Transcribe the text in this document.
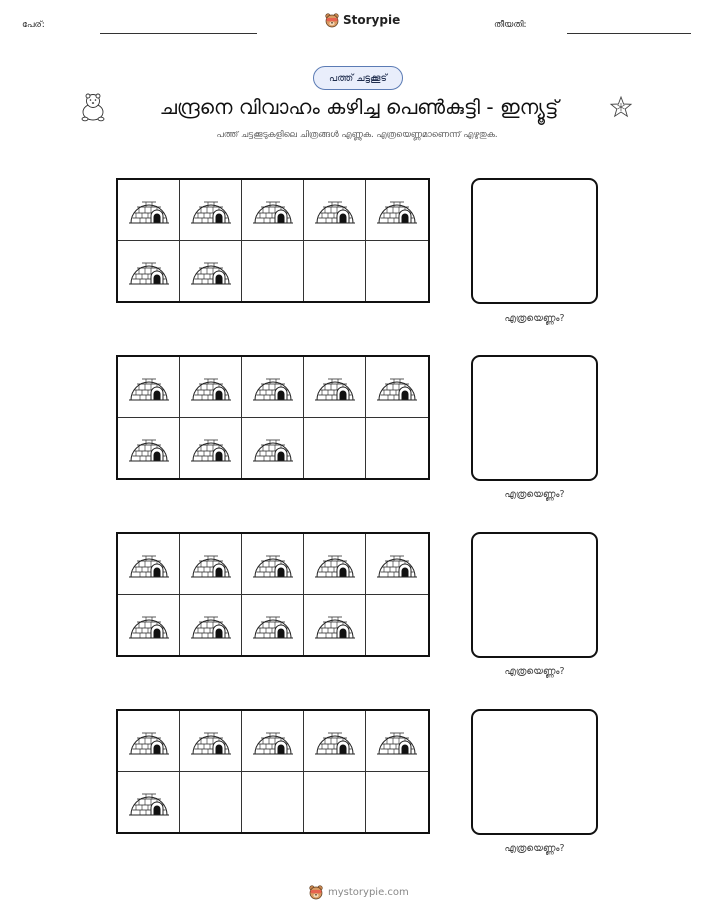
പേര്:	Storypie	തീയതി:
പത്ത് ചട്ടക്കൂട്
ചന്ദ്രനെ വിവാഹം കഴിച്ച പെൺകുട്ടി - ഇന്യൂട്ട്
പത്ത് ചട്ടക്കൂടുകളിലെ ചിത്രങ്ങൾ എണ്ണുക. എത്രയെണ്ണമാണെന്ന് എഴുതുക.
എത്രയെണ്ണം?
എത്രയെണ്ണം?
എത്രയെണ്ണം?
എത്രയെണ്ണം?
mystorypie.com
